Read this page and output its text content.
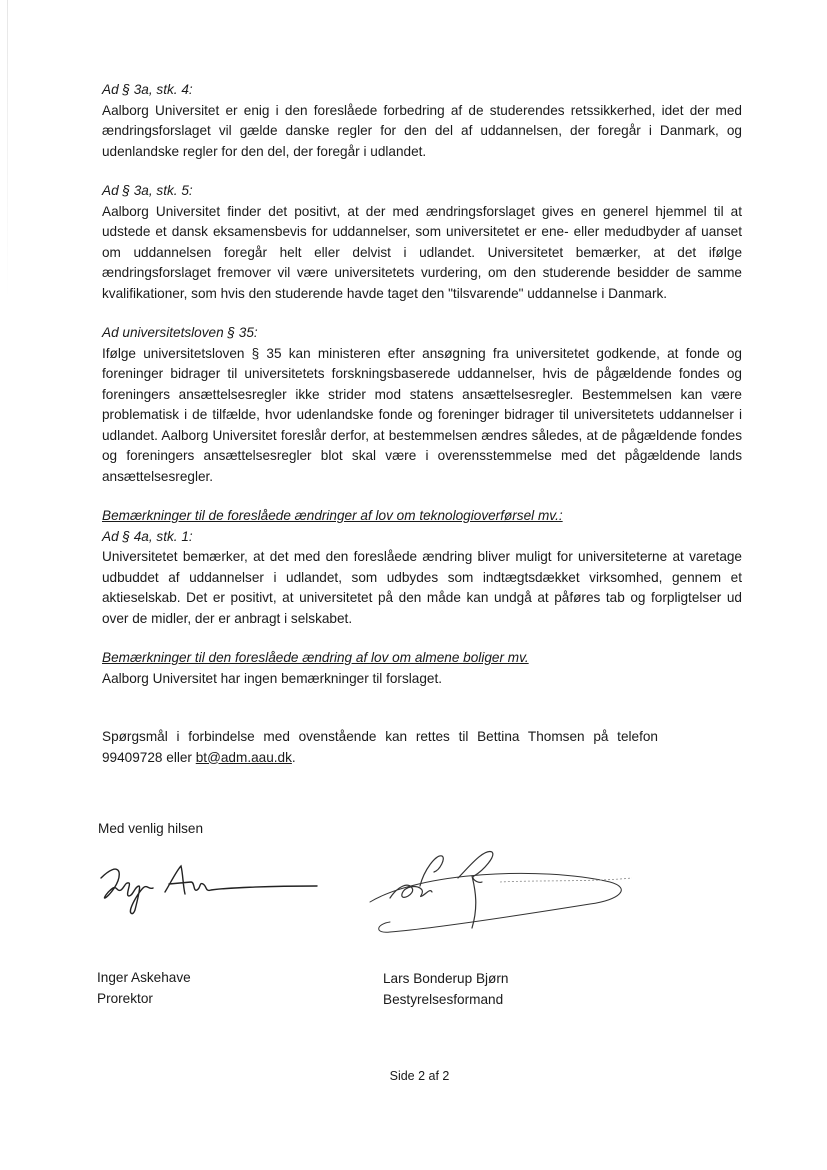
Ad § 3a, stk. 4:

Aalborg Universitet er enig i den foreslåede forbedring af de studerendes retssikkerhed, idet der med ændringsforslaget vil gælde danske regler for den del af uddannelsen, der foregår i Danmark, og udenlandske regler for den del, der foregår i udlandet.

Ad § 3a, stk. 5:

Aalborg Universitet finder det positivt, at der med ændringsforslaget gives en generel hjemmel til at udstede et dansk eksamensbevis for uddannelser, som universitetet er ene- eller medudbyder af uanset om uddannelsen foregår helt eller delvist i udlandet. Universitetet bemærker, at det ifølge ændringsforslaget fremover vil være universitetets vurdering, om den studerende besidder de samme kvalifikationer, som hvis den studerende havde taget den "tilsvarende" uddannelse i Danmark.

Ad universitetsloven § 35:

Ifølge universitetsloven § 35 kan ministeren efter ansøgning fra universitetet godkende, at fonde og foreninger bidrager til universitetets forskningsbaserede uddannelser, hvis de pågældende fondes og foreningers ansættelsesregler ikke strider mod statens ansættelsesregler. Bestemmelsen kan være problematisk i de tilfælde, hvor udenlandske fonde og foreninger bidrager til universitetets uddannelser i udlandet. Aalborg Universitet foreslår derfor, at bestemmelsen ændres således, at de pågældende fondes og foreningers ansættelsesregler blot skal være i overensstemmelse med det pågældende lands ansættelsesregler.

Bemærkninger til de foreslåede ændringer af lov om teknologioverførsel mv.:

Ad § 4a, stk. 1:

Universitetet bemærker, at det med den foreslåede ændring bliver muligt for universiteterne at varetage udbuddet af uddannelser i udlandet, som udbydes som indtægtsdækket virksomhed, gennem et aktieselskab. Det er positivt, at universitetet på den måde kan undgå at påføres tab og forpligtelser ud over de midler, der er anbragt i selskabet.

Bemærkninger til den foreslåede ændring af lov om almene boliger mv.

Aalborg Universitet har ingen bemærkninger til forslaget.

Spørgsmål i forbindelse med ovenstående kan rettes til Bettina Thomsen på telefon 99409728 eller bt@adm.aau.dk.

Med venlig hilsen
Inger Askehave
Prorektor
Lars Bonderup Bjørn
Bestyrelsesformand
Side 2 af 2
